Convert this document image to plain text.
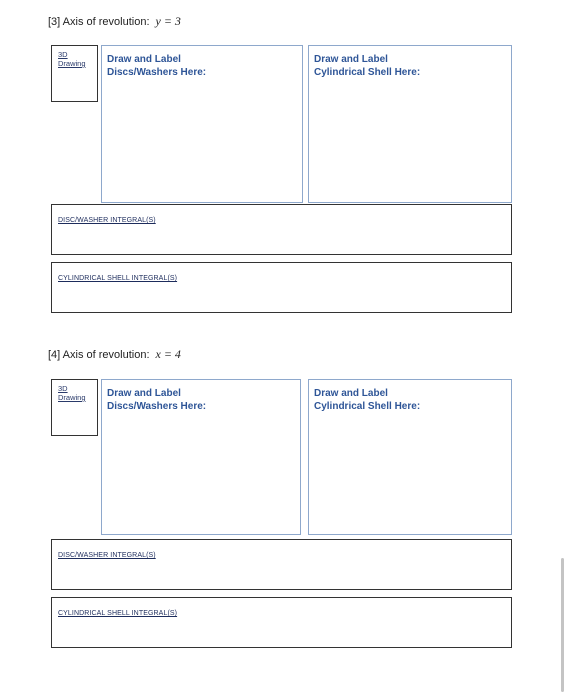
[3] Axis of revolution: y = 3
3D
Drawing	Draw and Label
Discs/Washers Here:
Draw and Label
Cylindrical Shell Here:
DISC/WASHER INTEGRAL(S)
CYLINDRICAL SHELL INTEGRAL(S)
[4] Axis of revolution: x = 4
3D
Drawing	Draw and Label
Discs/Washers Here:
Draw and Label
Cylindrical Shell Here:
DISC/WASHER INTEGRAL(S)
CYLINDRICAL SHELL INTEGRAL(S)
